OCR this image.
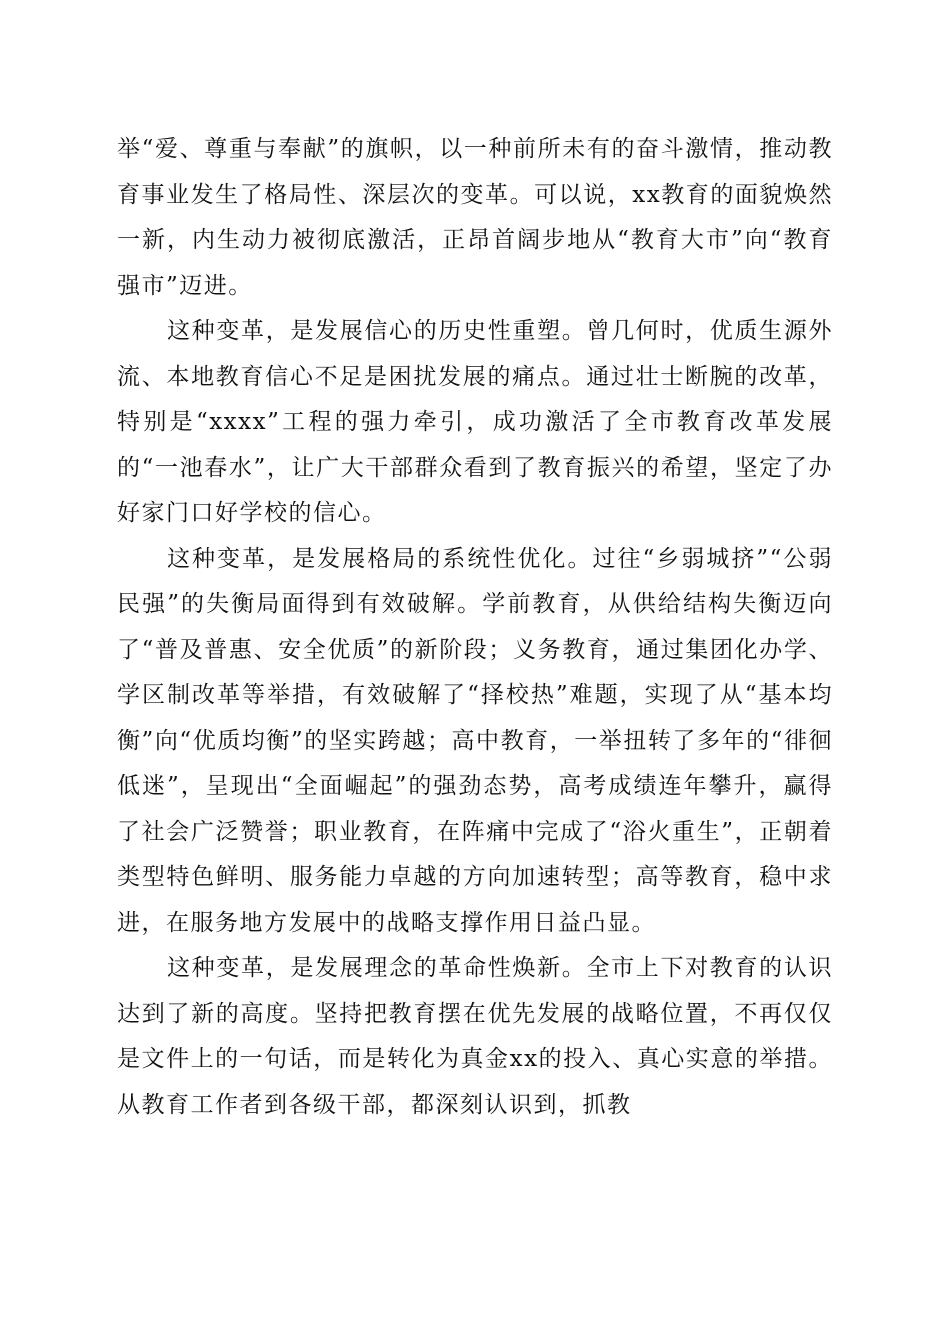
举“爱、尊重与奉献”的旗帜，以一种前所未有的奋斗激情，推动教育事业发生了格局性、深层次的变革。可以说，xx教育的面貌焕然一新，内生动力被彻底激活，正昂首阔步地从“教育大市”向“教育强市”迈进。

这种变革，是发展信心的历史性重塑。曾几何时，优质生源外流、本地教育信心不足是困扰发展的痛点。通过壮士断腕的改革，特别是“xxxx”工程的强力牵引，成功激活了全市教育改革发展的“一池春水”，让广大干部群众看到了教育振兴的希望，坚定了办好家门口好学校的信心。

这种变革，是发展格局的系统性优化。过往“乡弱城挤”“公弱民强”的失衡局面得到有效破解。学前教育，从供给结构失衡迈向了“普及普惠、安全优质”的新阶段；义务教育，通过集团化办学、学区制改革等举措，有效破解了“择校热”难题，实现了从“基本均衡”向“优质均衡”的坚实跨越；高中教育，一举扭转了多年的“徘徊低迷”，呈现出“全面崛起”的强劲态势，高考成绩连年攀升，赢得了社会广泛赞誉；职业教育，在阵痛中完成了“浴火重生”，正朝着类型特色鲜明、服务能力卓越的方向加速转型；高等教育，稳中求进，在服务地方发展中的战略支撑作用日益凸显。

这种变革，是发展理念的革命性焕新。全市上下对教育的认识达到了新的高度。坚持把教育摆在优先发展的战略位置，不再仅仅是文件上的一句话，而是转化为真金xx的投入、真心实意的举措。从教育工作者到各级干部，都深刻认识到，抓教
